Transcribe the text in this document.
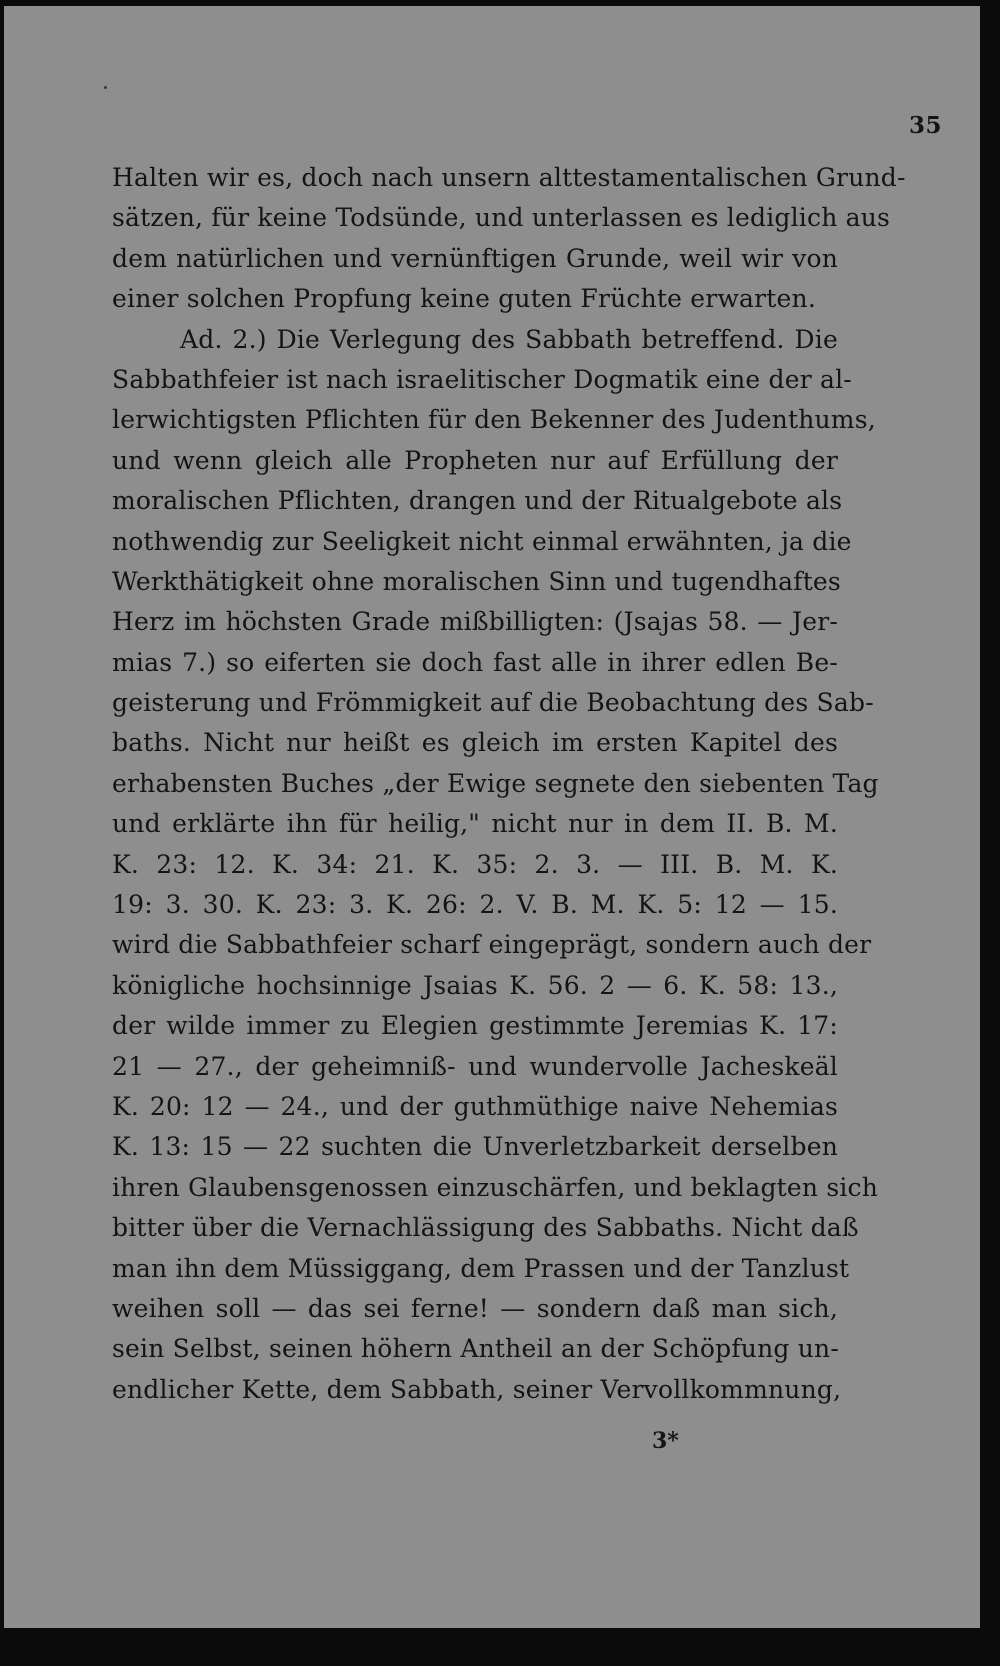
35
Halten wir es, doch nach unsern alttestamentalischen Grund-
sätzen, für keine Todsünde, und unterlassen es lediglich aus
dem natürlichen und vernünftigen Grunde, weil wir von
einer solchen Propfung keine guten Früchte erwarten.
Ad. 2.) Die Verlegung des Sabbath betreffend. Die
Sabbathfeier ist nach israelitischer Dogmatik eine der al-
lerwichtigsten Pflichten für den Bekenner des Judenthums,
und wenn gleich alle Propheten nur auf Erfüllung der
moralischen Pflichten, drangen und der Ritualgebote als
nothwendig zur Seeligkeit nicht einmal erwähnten, ja die
Werkthätigkeit ohne moralischen Sinn und tugendhaftes
Herz im höchsten Grade mißbilligten: (Jsajas 58. — Jer-
mias 7.) so eiferten sie doch fast alle in ihrer edlen Be-
geisterung und Frömmigkeit auf die Beobachtung des Sab-
baths. Nicht nur heißt es gleich im ersten Kapitel des
erhabensten Buches „der Ewige segnete den siebenten Tag
und erklärte ihn für heilig," nicht nur in dem II. B. M.
K. 23: 12. K. 34: 21. K. 35: 2. 3. — III. B. M. K.
19: 3. 30. K. 23: 3. K. 26: 2. V. B. M. K. 5: 12 — 15.
wird die Sabbathfeier scharf eingeprägt, sondern auch der
königliche hochsinnige Jsaias K. 56. 2 — 6. K. 58: 13.,
der wilde immer zu Elegien gestimmte Jeremias K. 17:
21 — 27., der geheimniß- und wundervolle Jacheskeäl
K. 20: 12 — 24., und der guthmüthige naive Nehemias
K. 13: 15 — 22 suchten die Unverletzbarkeit derselben
ihren Glaubensgenossen einzuschärfen, und beklagten sich
bitter über die Vernachlässigung des Sabbaths. Nicht daß
man ihn dem Müssiggang, dem Prassen und der Tanzlust
weihen soll — das sei ferne! — sondern daß man sich,
sein Selbst, seinen höhern Antheil an der Schöpfung un-
endlicher Kette, dem Sabbath, seiner Vervollkommnung,
3*
